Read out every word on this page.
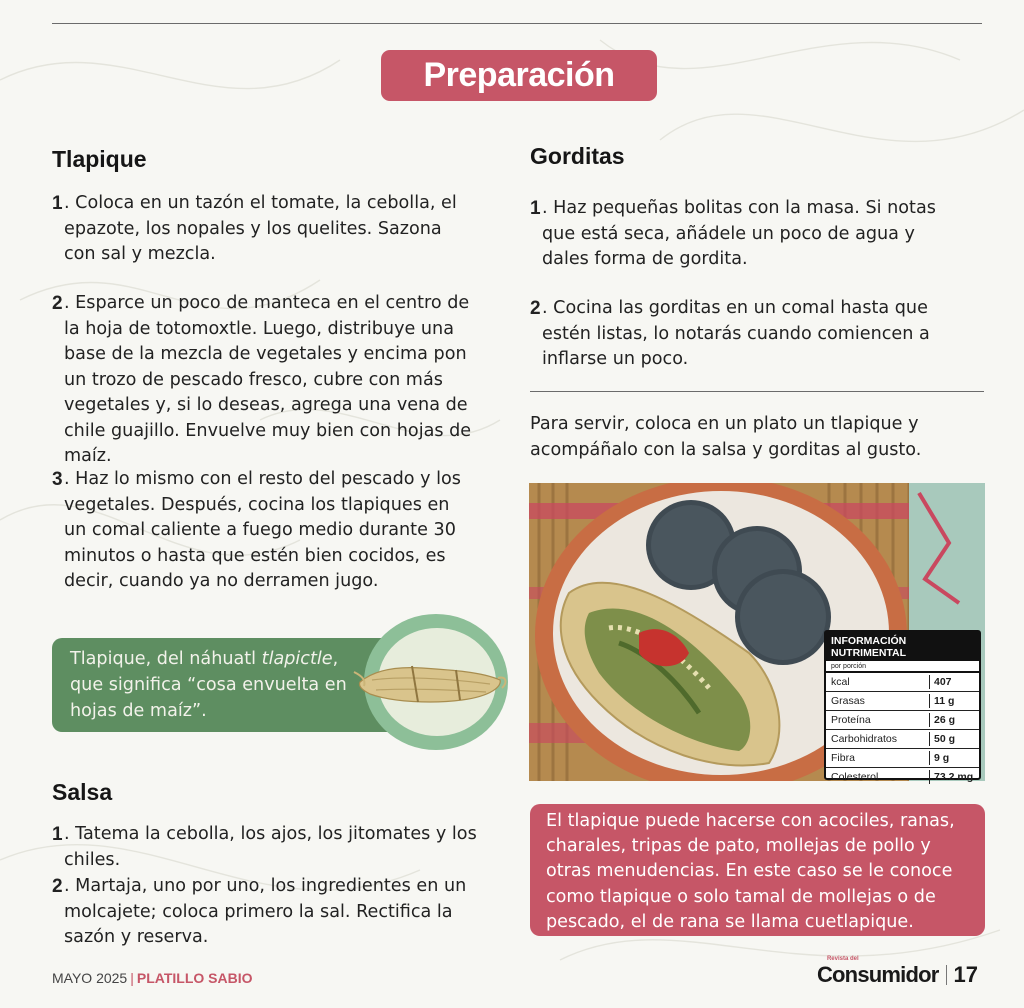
Preparación
Tlapique
1 . Coloca en un tazón el tomate, la cebolla, el epazote, los nopales y los quelites. Sazona con sal y mezcla.
2 . Esparce un poco de manteca en el centro de la hoja de totomoxtle. Luego, distribuye una base de la mezcla de vegetales y encima pon un trozo de pescado fresco, cubre con más vegetales y, si lo deseas, agrega una vena de chile guajillo. Envuelve muy bien con hojas de maíz.
3 . Haz lo mismo con el resto del pescado y los vegetales. Después, cocina los tlapiques en un comal caliente a fuego medio durante 30 minutos o hasta que estén bien cocidos, es decir, cuando ya no derramen jugo.
Tlapique, del náhuatl tlapictle, que significa “cosa envuelta en hojas de maíz”.
Salsa
1 . Tatema la cebolla, los ajos, los jitomates y los chiles.
2 . Martaja, uno por uno, los ingredientes en un molcajete; coloca primero la sal. Rectifica la sazón y reserva.
Gorditas
1 . Haz pequeñas bolitas con la masa. Si notas que está seca, añádele un poco de agua y dales forma de gordita.
2 . Cocina las gorditas en un comal hasta que estén listas, lo notarás cuando comiencen a inflarse un poco.
Para servir, coloca en un plato un tlapique y acompáñalo con la salsa y gorditas al gusto.
INFORMACIÓN NUTRIMENTAL
por porción
kcal	407
Grasas	11 g
Proteína	26 g
Carbohidratos	50 g
Fibra	9 g
Colesterol	73.2 mg
El tlapique puede hacerse con acociles, ranas, charales, tripas de pato, mollejas de pollo y otras menudencias. En este caso se le conoce como tlapique o solo tamal de mollejas o de pescado, el de rana se llama cuetlapique.
MAYO 2025 | PLATILLO SABIO
Revista del
Consumidor 17
